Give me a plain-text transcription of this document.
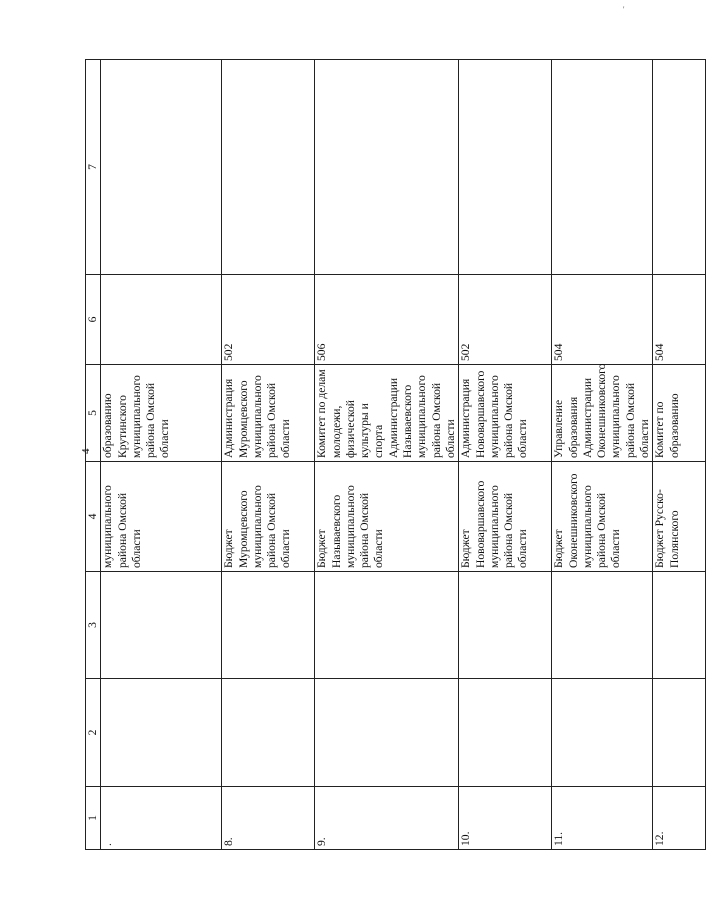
'
4
1	2	3	4	5	6	7
.			муниципального района Омской области	образованию Крутинского муниципального района Омской области		
8.			Бюджет Муромцевского муниципального района Омской области	Администрация Муромцевского муниципального района Омской области	502	
9.			Бюджет Называевского муниципального района Омской области	Комитет по делам молодежи, физической культуры и спорта Администрации Называевского муниципального района Омской области	506	
10.			Бюджет Нововаршавского муниципального района Омской области	Администрация Нововаршавского муниципального района Омской области	502	
11.			Бюджет Оконешниковского муниципального района Омской области	Управление образования Администрации Оконешниковского муниципального района Омской области	504	
12.			Бюджет Русско-Полянского	Комитет по образованию	504	
